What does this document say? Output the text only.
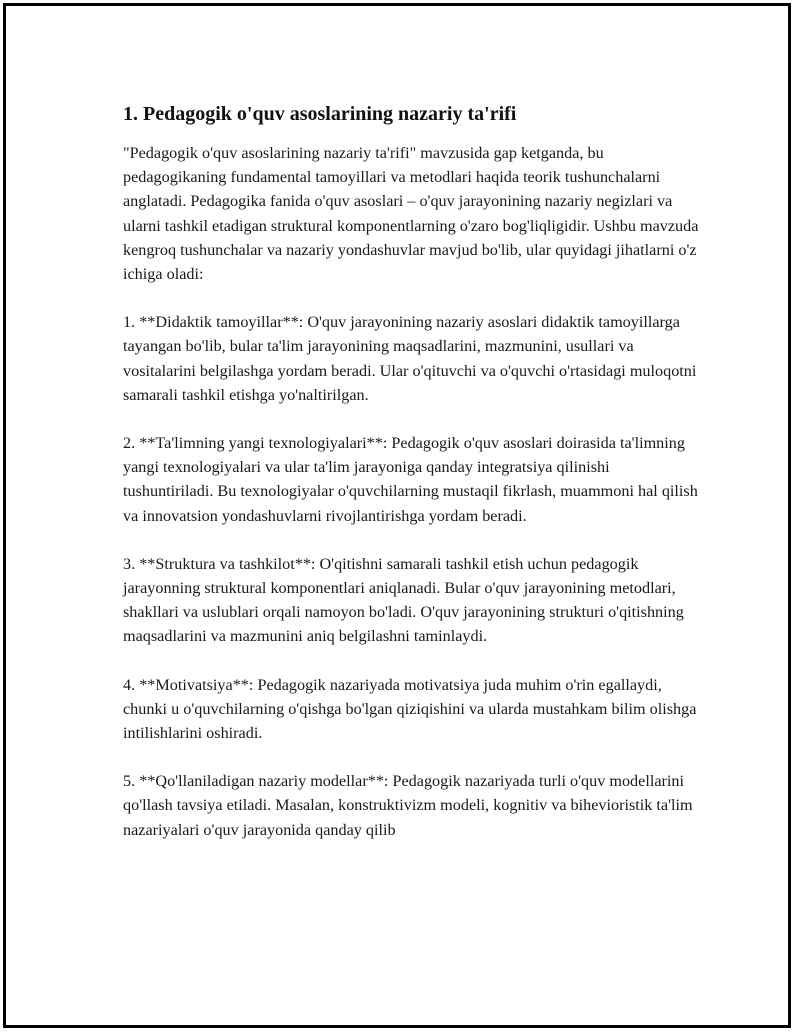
1. Pedagogik o'quv asoslarining nazariy ta'rifi

"Pedagogik o'quv asoslarining nazariy ta'rifi" mavzusida gap ketganda, bu pedagogikaning fundamental tamoyillari va metodlari haqida teorik tushunchalarni anglatadi. Pedagogika fanida o'quv asoslari – o'quv jarayonining nazariy negizlari va ularni tashkil etadigan struktural komponentlarning o'zaro bog'liqligidir. Ushbu mavzuda kengroq tushunchalar va nazariy yondashuvlar mavjud bo'lib, ular quyidagi jihatlarni o'z ichiga oladi:

1. **Didaktik tamoyillar**: O'quv jarayonining nazariy asoslari didaktik tamoyillarga tayangan bo'lib, bular ta'lim jarayonining maqsadlarini, mazmunini, usullari va vositalarini belgilashga yordam beradi. Ular o'qituvchi va o'quvchi o'rtasidagi muloqotni samarali tashkil etishga yo'naltirilgan.

2. **Ta'limning yangi texnologiyalari**: Pedagogik o'quv asoslari doirasida ta'limning yangi texnologiyalari va ular ta'lim jarayoniga qanday integratsiya qilinishi tushuntiriladi. Bu texnologiyalar o'quvchilarning mustaqil fikrlash, muammoni hal qilish va innovatsion yondashuvlarni rivojlantirishga yordam beradi.

3. **Struktura va tashkilot**: O'qitishni samarali tashkil etish uchun pedagogik jarayonning struktural komponentlari aniqlanadi. Bular o'quv jarayonining metodlari, shakllari va uslublari orqali namoyon bo'ladi. O'quv jarayonining strukturi o'qitishning maqsadlarini va mazmunini aniq belgilashni taminlaydi.

4. **Motivatsiya**: Pedagogik nazariyada motivatsiya juda muhim o'rin egallaydi, chunki u o'quvchilarning o'qishga bo'lgan qiziqishini va ularda mustahkam bilim olishga intilishlarini oshiradi.

5. **Qo'llaniladigan nazariy modellar**: Pedagogik nazariyada turli o'quv modellarini qo'llash tavsiya etiladi. Masalan, konstruktivizm modeli, kognitiv va bihevioristik ta'lim nazariyalari o'quv jarayonida qanday qilib
